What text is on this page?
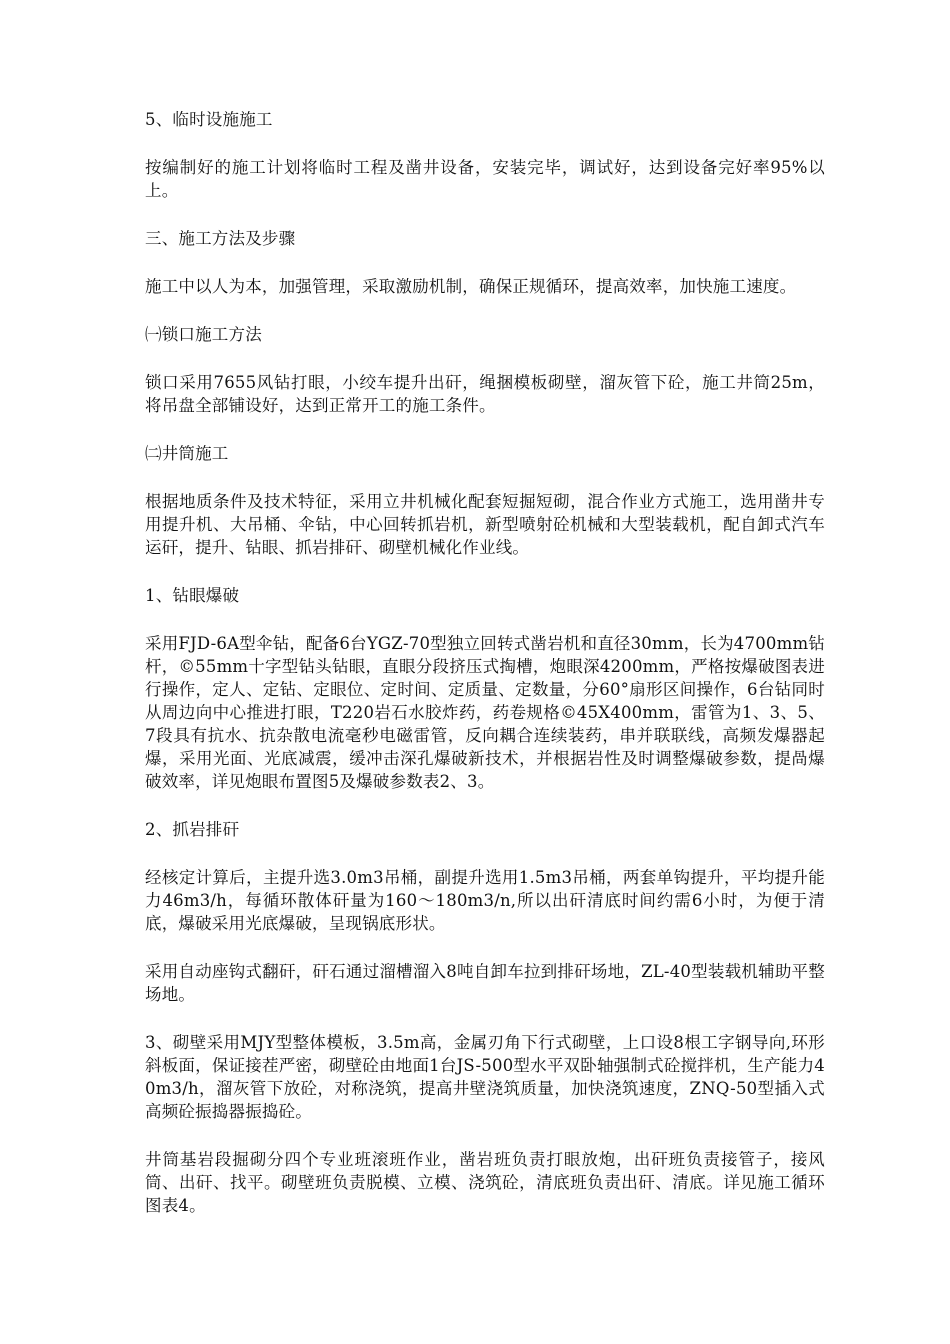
5、临时设施施工

按编制好的施工计划将临时工程及凿井设备，安装完毕，调试好，达到设备完好率95%以上。

三、施工方法及步骤

施工中以人为本，加强管理，采取激励机制，确保正规循环，提高效率，加快施工速度。

㈠锁口施工方法

锁口采用7655风钻打眼，小绞车提升出矸，绳捆模板砌壁，溜灰管下砼，施工井筒25m，将吊盘全部铺设好，达到正常开工的施工条件。

㈡井筒施工

根据地质条件及技术特征，采用立井机械化配套短掘短砌，混合作业方式施工，选用凿井专用提升机、大吊桶、伞钻，中心回转抓岩机，新型喷射砼机械和大型装载机，配自卸式汽车运矸，提升、钻眼、抓岩排矸、砌壁机械化作业线。

1、钻眼爆破

采用FJD-6A型伞钻，配备6台YGZ-70型独立回转式凿岩机和直径30mm，长为4700mm钻杆，©55mm十字型钻头钻眼，直眼分段挤压式掏槽，炮眼深4200mm，严格按爆破图表进行操作，定人、定钻、定眼位、定时间、定质量、定数量，分60°扇形区间操作，6台钻同时从周边向中心推进打眼，T220岩石水胶炸药，药卷规格©45X400mm，雷管为1、3、5、7段具有抗水、抗杂散电流毫秒电磁雷管，反向耦合连续装药，串并联联线，高频发爆器起爆，采用光面、光底减震，缓冲击深孔爆破新技术，并根据岩性及时调整爆破参数，提咼爆破效率，详见炮眼布置图5及爆破参数表2、3。

2、抓岩排矸

经核定计算后，主提升选3.0m3吊桶，副提升选用1.5m3吊桶，两套单钩提升，平均提升能力46m3/h，每循环散体矸量为160〜180m3/n,所以出矸清底时间约需6小时，为便于清底，爆破采用光底爆破，呈现锅底形状。

采用自动座钩式翻矸，矸石通过溜槽溜入8吨自卸车拉到排矸场地，ZL-40型装载机辅助平整场地。

3、砌壁采用MJY型整体模板，3.5m高，金属刃角下行式砌壁，上口设8根工字钢导向,环形斜板面，保证接茬严密，砌壁砼由地面1台JS-500型水平双卧轴强制式砼搅拌机，生产能力40m3/h，溜灰管下放砼，对称浇筑，提高井壁浇筑质量，加快浇筑速度，ZNQ-50型插入式高频砼振捣器振捣砼。

井筒基岩段掘砌分四个专业班滚班作业，凿岩班负责打眼放炮，出矸班负责接管子，接风筒、出矸、找平。砌壁班负责脱模、立模、浇筑砼，清底班负责出矸、清底。详见施工循环图表4。
